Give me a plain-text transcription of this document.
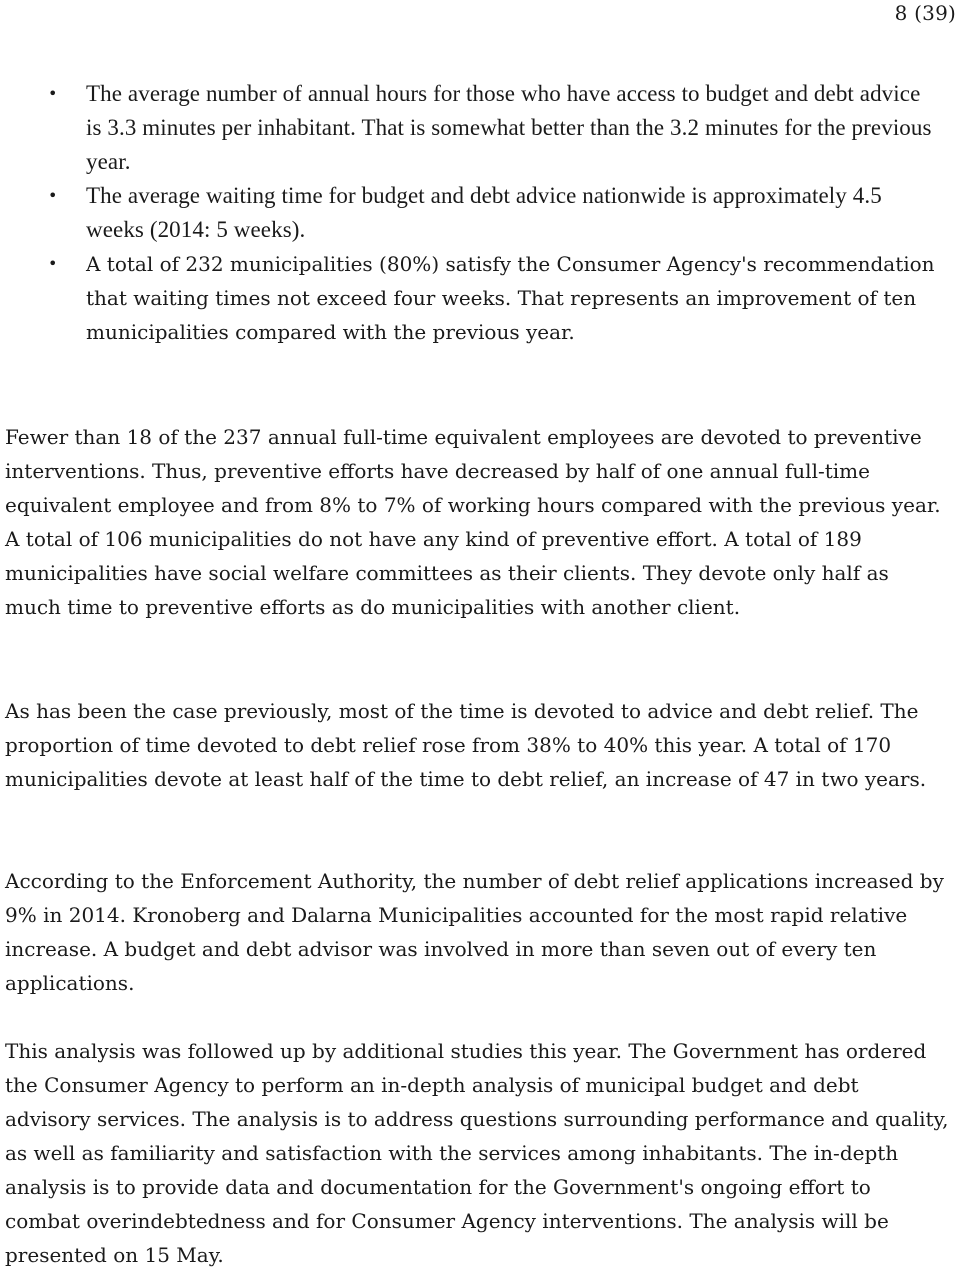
8 (39)
• The average number of annual hours for those who have access to budget and debt advice is 3.3 minutes per inhabitant. That is somewhat better than the 3.2 minutes for the previous year.
• The average waiting time for budget and debt advice nationwide is approximately 4.5 weeks (2014: 5 weeks).
• A total of 232 municipalities (80%) satisfy the Consumer Agency's recommendation that waiting times not exceed four weeks. That represents an improvement of ten municipalities compared with the previous year.

Fewer than 18 of the 237 annual full-time equivalent employees are devoted to preventive interventions. Thus, preventive efforts have decreased by half of one annual full-time equivalent employee and from 8% to 7% of working hours compared with the previous year. A total of 106 municipalities do not have any kind of preventive effort. A total of 189 municipalities have social welfare committees as their clients. They devote only half as much time to preventive efforts as do municipalities with another client.

As has been the case previously, most of the time is devoted to advice and debt relief. The proportion of time devoted to debt relief rose from 38% to 40% this year. A total of 170 municipalities devote at least half of the time to debt relief, an increase of 47 in two years.

According to the Enforcement Authority, the number of debt relief applications increased by 9% in 2014. Kronoberg and Dalarna Municipalities accounted for the most rapid relative increase. A budget and debt advisor was involved in more than seven out of every ten applications.

This analysis was followed up by additional studies this year. The Government has ordered the Consumer Agency to perform an in-depth analysis of municipal budget and debt advisory services. The analysis is to address questions surrounding performance and quality, as well as familiarity and satisfaction with the services among inhabitants. The in-depth analysis is to provide data and documentation for the Government's ongoing effort to combat overindebtedness and for Consumer Agency interventions. The analysis will be presented on 15 May.
